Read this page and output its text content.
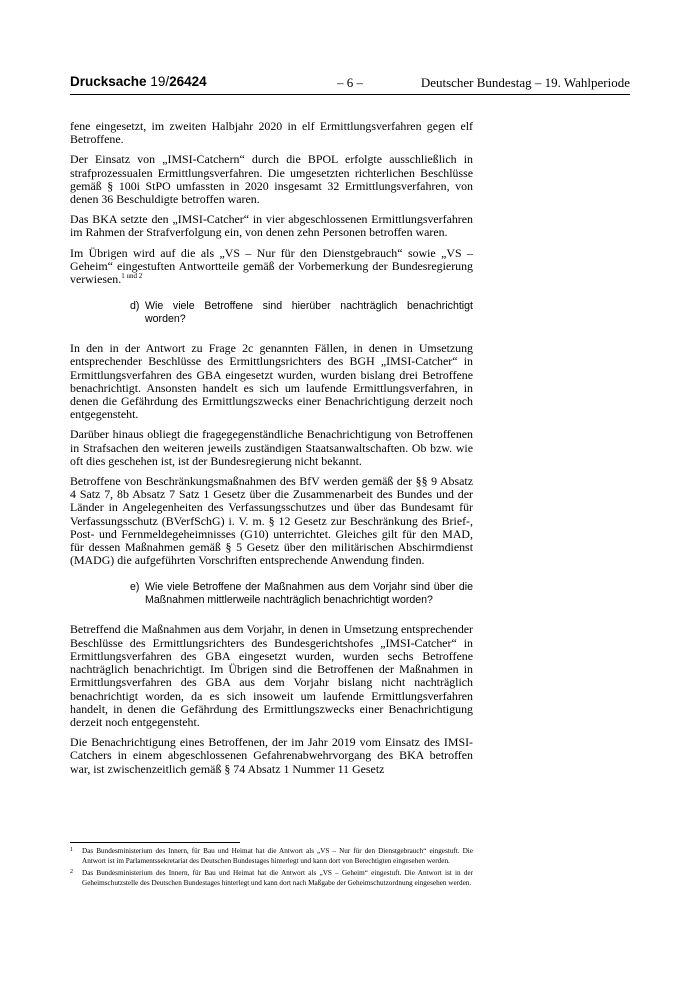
Drucksache 19/26424	– 6 –	Deutscher Bundestag – 19. Wahlperiode

fene eingesetzt, im zweiten Halbjahr 2020 in elf Ermittlungsverfahren gegen elf Betroffene.

Der Einsatz von „IMSI-Catchern“ durch die BPOL erfolgte ausschließlich in strafprozessualen Ermittlungsverfahren. Die umgesetzten richterlichen Beschlüsse gemäß § 100i StPO umfassten in 2020 insgesamt 32 Ermittlungsverfahren, von denen 36 Beschuldigte betroffen waren.

Das BKA setzte den „IMSI-Catcher“ in vier abgeschlossenen Ermittlungsverfahren im Rahmen der Strafverfolgung ein, von denen zehn Personen betroffen waren.

Im Übrigen wird auf die als „VS – Nur für den Dienstgebrauch“ sowie „VS – Geheim“ eingestuften Antwortteile gemäß der Vorbemerkung der Bundesregierung verwiesen.$^{1 und 2}$

d) Wie viele Betroffene sind hierüber nachträglich benachrichtigt worden?

In den in der Antwort zu Frage 2c genannten Fällen, in denen in Umsetzung entsprechender Beschlüsse des Ermittlungsrichters des BGH „IMSI-Catcher“ in Ermittlungsverfahren des GBA eingesetzt wurden, wurden bislang drei Betroffene benachrichtigt. Ansonsten handelt es sich um laufende Ermittlungsverfahren, in denen die Gefährdung des Ermittlungszwecks einer Benachrichtigung derzeit noch entgegensteht.

Darüber hinaus obliegt die fragegegenständliche Benachrichtigung von Betroffenen in Strafsachen den weiteren jeweils zuständigen Staatsanwaltschaften. Ob bzw. wie oft dies geschehen ist, ist der Bundesregierung nicht bekannt.

Betroffene von Beschränkungsmaßnahmen des BfV werden gemäß der §§ 9 Absatz 4 Satz 7, 8b Absatz 7 Satz 1 Gesetz über die Zusammenarbeit des Bundes und der Länder in Angelegenheiten des Verfassungsschutzes und über das Bundesamt für Verfassungsschutz (BVerfSchG) i. V. m. § 12 Gesetz zur Beschränkung des Brief-, Post- und Fernmeldegeheimnisses (G10) unterrichtet. Gleiches gilt für den MAD, für dessen Maßnahmen gemäß § 5 Gesetz über den militärischen Abschirmdienst (MADG) die aufgeführten Vorschriften entsprechende Anwendung finden.

e) Wie viele Betroffene der Maßnahmen aus dem Vorjahr sind über die Maßnahmen mittlerweile nachträglich benachrichtigt worden?

Betreffend die Maßnahmen aus dem Vorjahr, in denen in Umsetzung entsprechender Beschlüsse des Ermittlungsrichters des Bundesgerichtshofes „IMSI-Catcher“ in Ermittlungsverfahren des GBA eingesetzt wurden, wurden sechs Betroffene nachträglich benachrichtigt. Im Übrigen sind die Betroffenen der Maßnahmen in Ermittlungsverfahren des GBA aus dem Vorjahr bislang nicht nachträglich benachrichtigt worden, da es sich insoweit um laufende Ermittlungsverfahren handelt, in denen die Gefährdung des Ermittlungszwecks einer Benachrichtigung derzeit noch entgegensteht.

Die Benachrichtigung eines Betroffenen, der im Jahr 2019 vom Einsatz des IMSI-Catchers in einem abgeschlossenen Gefahrenabwehrvorgang des BKA betroffen war, ist zwischenzeitlich gemäß § 74 Absatz 1 Nummer 11 Gesetz

1 Das Bundesministerium des Innern, für Bau und Heimat hat die Antwort als „VS – Nur für den Dienstgebrauch“ eingestuft. Die Antwort ist im Parlamentssekretariat des Deutschen Bundestages hinterlegt und kann dort von Berechtigten eingesehen werden.
2 Das Bundesministerium des Innern, für Bau und Heimat hat die Antwort als „VS – Geheim“ eingestuft. Die Antwort ist in der Geheimschutzstelle des Deutschen Bundestages hinterlegt und kann dort nach Maßgabe der Geheimschutzordnung eingesehen werden.
